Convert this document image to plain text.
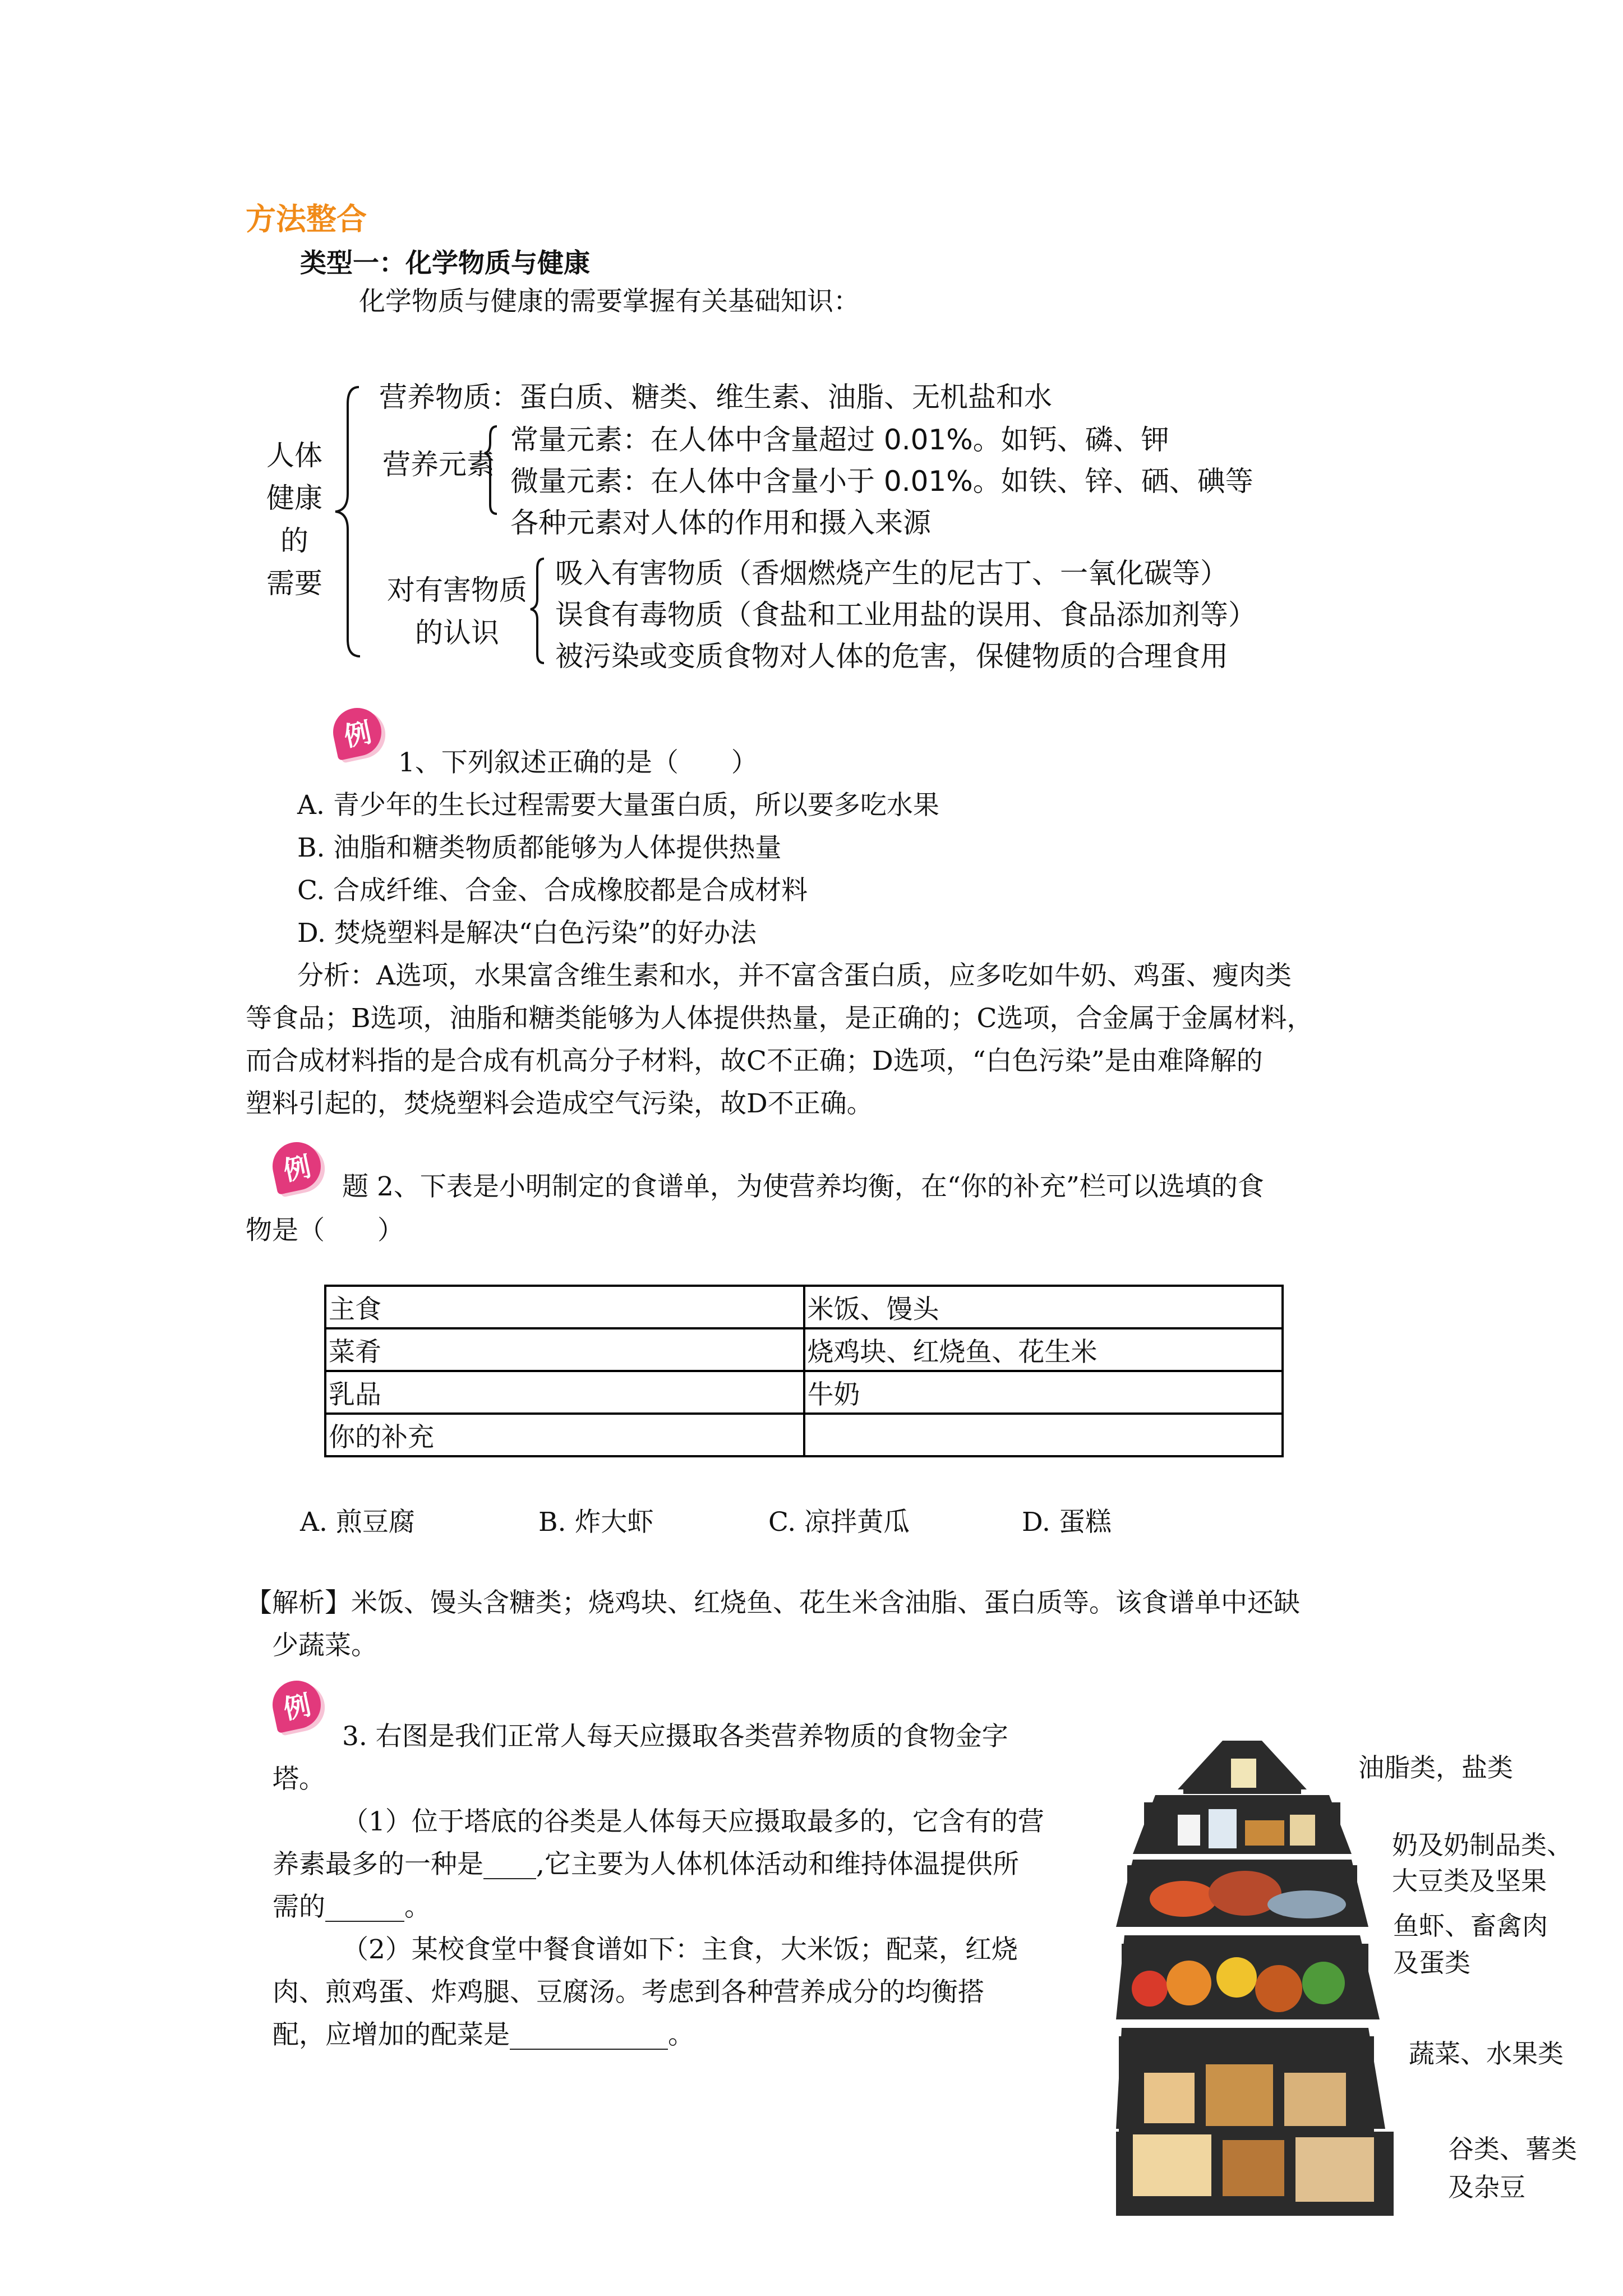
方法整合
类型一：化学物质与健康
化学物质与健康的需要掌握有关基础知识：
人体
健康
的
需要
营养物质：蛋白质、糖类、维生素、油脂、无机盐和水
营养元素
常量元素：在人体中含量超过 0.01%。如钙、磷、钾
微量元素：在人体中含量小于 0.01%。如铁、锌、硒、碘等
各种元素对人体的作用和摄入来源
对有害物质
的认识
吸入有害物质（香烟燃烧产生的尼古丁、一氧化碳等）
误食有毒物质（食盐和工业用盐的误用、食品添加剂等）
被污染或变质食物对人体的危害，保健物质的合理食用
例
1、下列叙述正确的是（　　）
A. 青少年的生长过程需要大量蛋白质，所以要多吃水果
B. 油脂和糖类物质都能够为人体提供热量
C. 合成纤维、合金、合成橡胶都是合成材料
D. 焚烧塑料是解决“白色污染”的好办法
分析：A选项，水果富含维生素和水，并不富含蛋白质，应多吃如牛奶、鸡蛋、瘦肉类
等食品；B选项，油脂和糖类能够为人体提供热量，是正确的；C选项，合金属于金属材料，
而合成材料指的是合成有机高分子材料，故C不正确；D选项，“白色污染”是由难降解的
塑料引起的，焚烧塑料会造成空气污染，故D不正确。
例	题 2、下表是小明制定的食谱单，为使营养均衡，在“你的补充”栏可以选填的食
物是（　　）
主食	米饭、馒头
菜肴	烧鸡块、红烧鱼、花生米
乳品	牛奶
你的补充	
A. 煎豆腐	B. 炸大虾	C. 凉拌黄瓜	D. 蛋糕
【解析】米饭、馒头含糖类；烧鸡块、红烧鱼、花生米含油脂、蛋白质等。该食谱单中还缺
少蔬菜。
例
3. 右图是我们正常人每天应摄取各类营养物质的食物金字
塔。
（1）位于塔底的谷类是人体每天应摄取最多的，它含有的营
养素最多的一种是____,它主要为人体机体活动和维持体温提供所
需的______。
（2）某校食堂中餐食谱如下：主食，大米饭；配菜，红烧
肉、煎鸡蛋、炸鸡腿、豆腐汤。考虑到各种营养成分的均衡搭
配，应增加的配菜是____________。
油脂类，盐类
奶及奶制品类、
大豆类及坚果
鱼虾、畜禽肉
及蛋类
蔬菜、水果类
谷类、薯类
及杂豆
